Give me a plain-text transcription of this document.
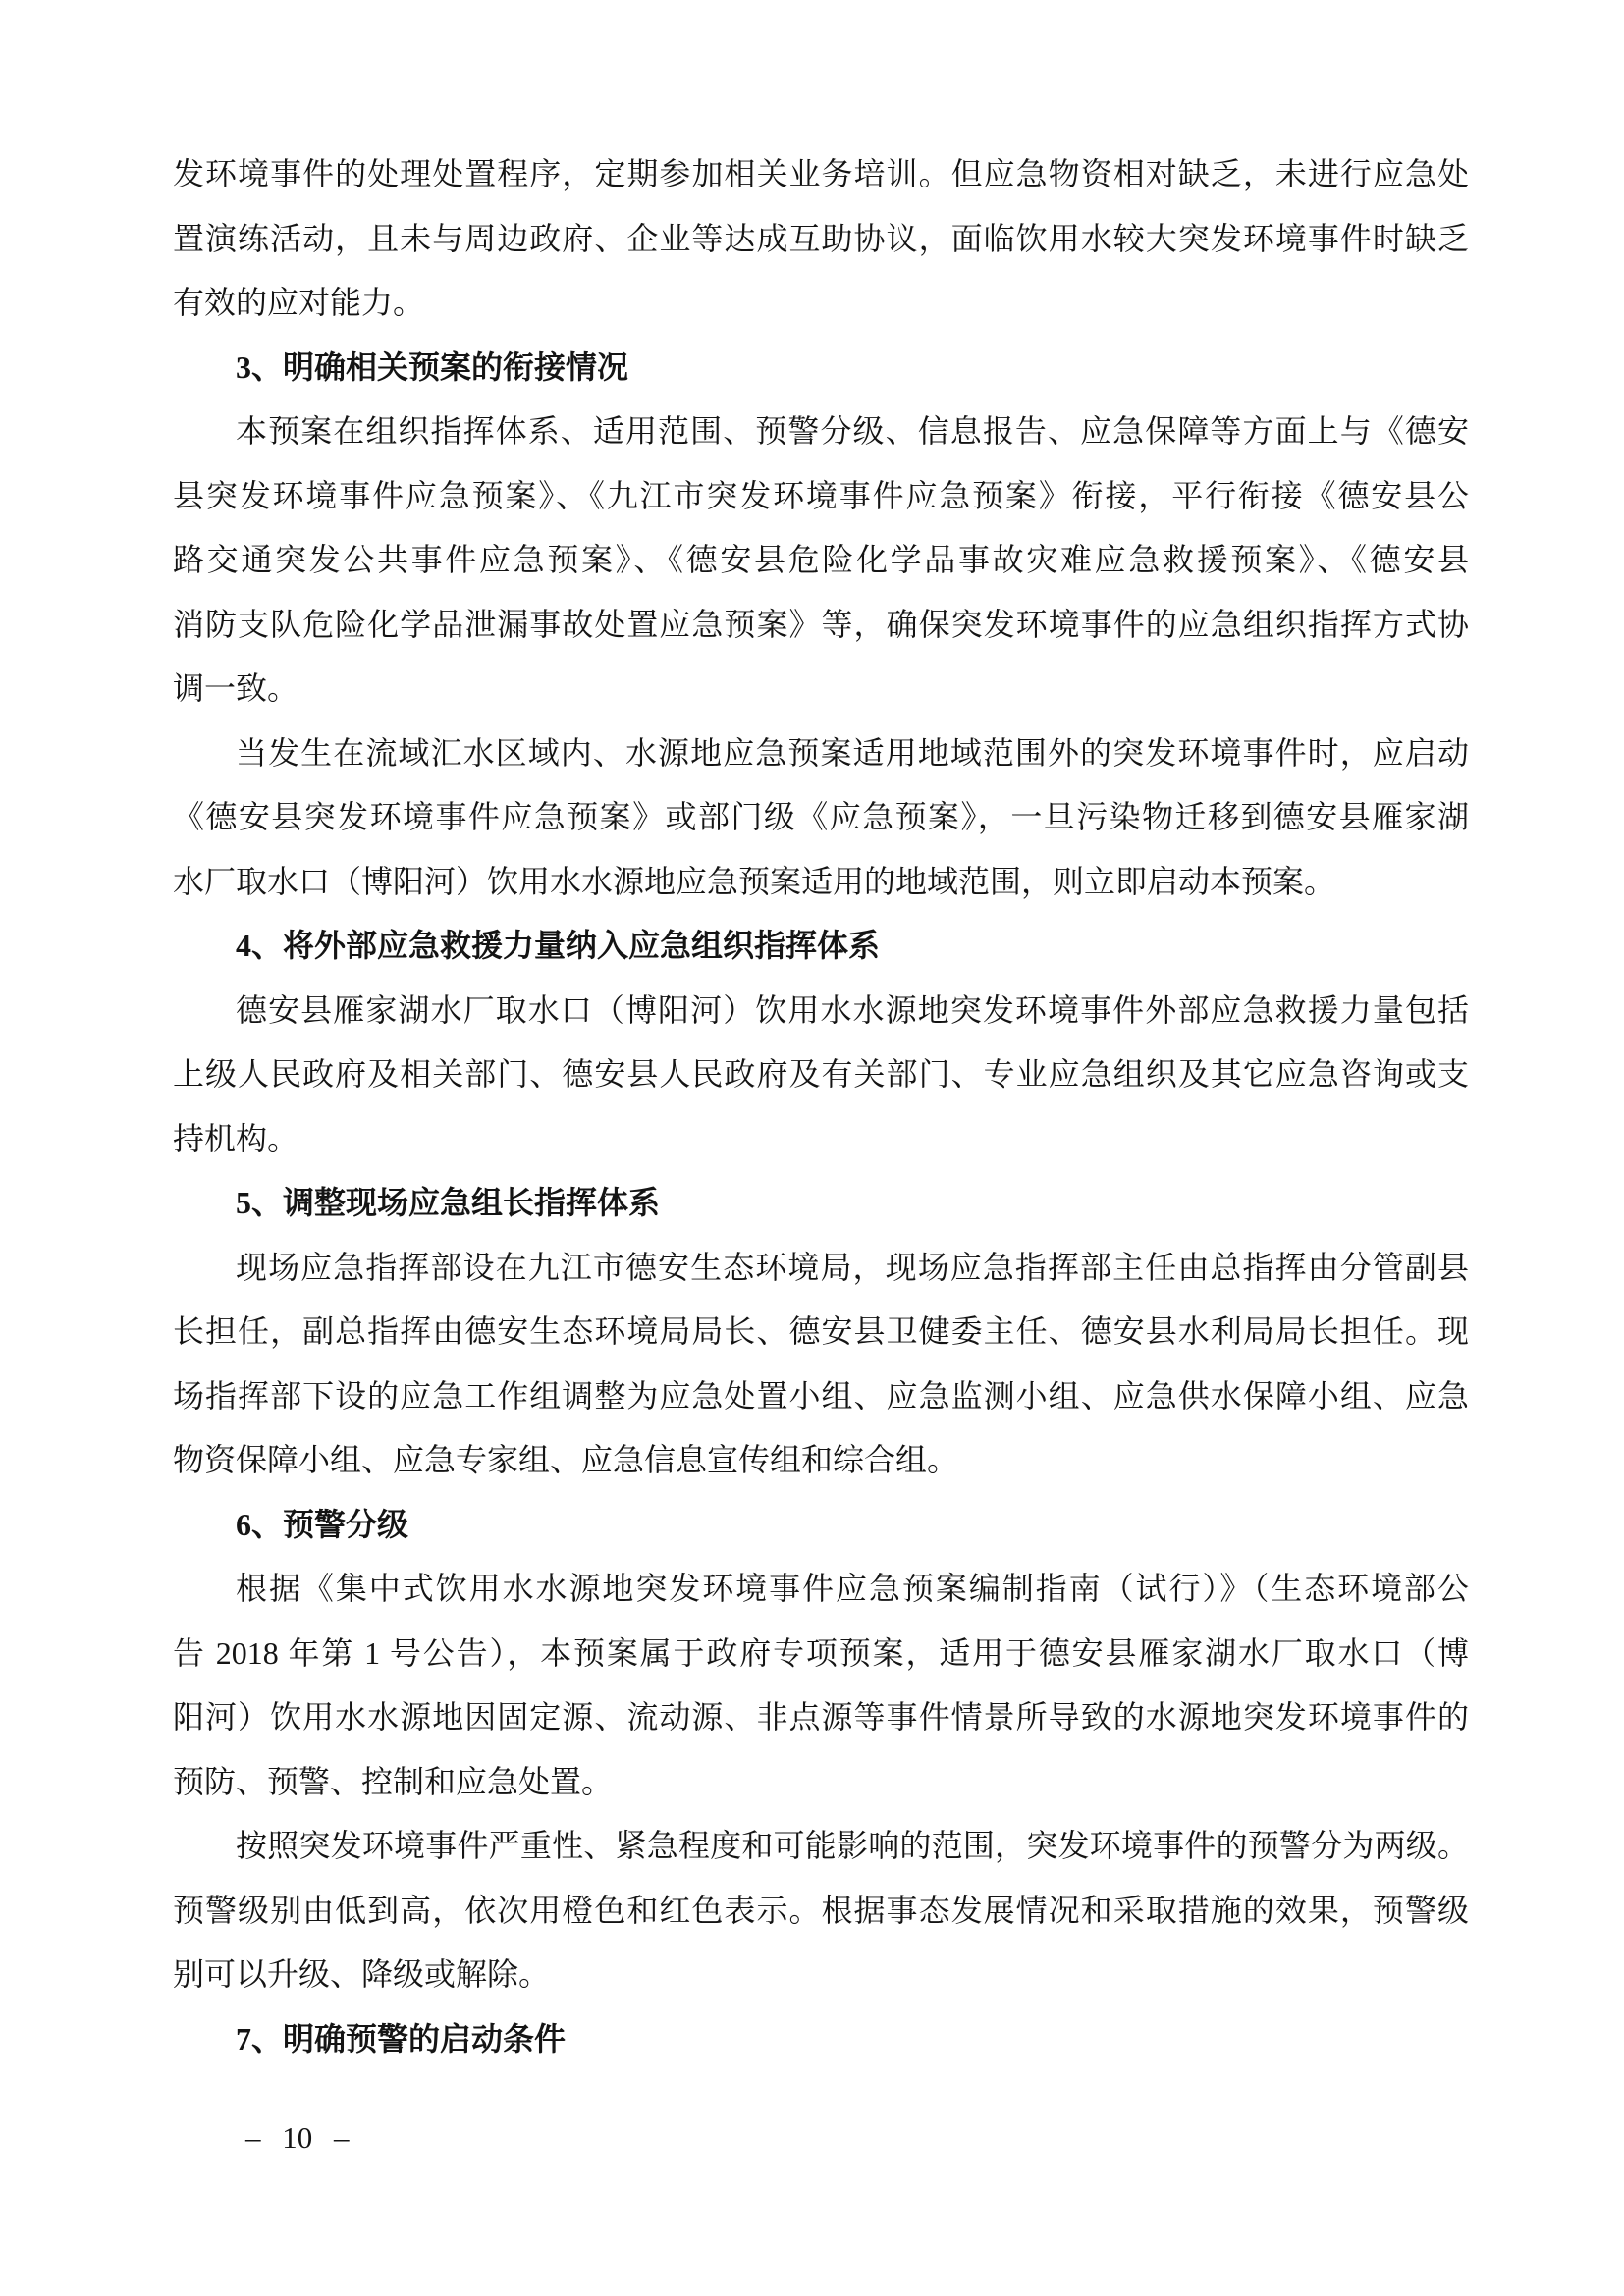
发环境事件的处理处置程序，定期参加相关业务培训。但应急物资相对缺乏，未进行应急处
置演练活动，且未与周边政府、企业等达成互助协议，面临饮用水较大突发环境事件时缺乏
有效的应对能力。
3、明确相关预案的衔接情况
本预案在组织指挥体系、适用范围、预警分级、信息报告、应急保障等方面上与《德安
县突发环境事件应急预案》、《九江市突发环境事件应急预案》衔接，平行衔接《德安县公
路交通突发公共事件应急预案》、《德安县危险化学品事故灾难应急救援预案》、《德安县
消防支队危险化学品泄漏事故处置应急预案》等，确保突发环境事件的应急组织指挥方式协
调一致。
当发生在流域汇水区域内、水源地应急预案适用地域范围外的突发环境事件时，应启动
《德安县突发环境事件应急预案》或部门级《应急预案》，一旦污染物迁移到德安县雁家湖
水厂取水口（博阳河）饮用水水源地应急预案适用的地域范围，则立即启动本预案。
4、将外部应急救援力量纳入应急组织指挥体系
德安县雁家湖水厂取水口（博阳河）饮用水水源地突发环境事件外部应急救援力量包括
上级人民政府及相关部门、德安县人民政府及有关部门、专业应急组织及其它应急咨询或支
持机构。
5、调整现场应急组长指挥体系
现场应急指挥部设在九江市德安生态环境局，现场应急指挥部主任由总指挥由分管副县
长担任，副总指挥由德安生态环境局局长、德安县卫健委主任、德安县水利局局长担任。现
场指挥部下设的应急工作组调整为应急处置小组、应急监测小组、应急供水保障小组、应急
物资保障小组、应急专家组、应急信息宣传组和综合组。
6、预警分级
根据《集中式饮用水水源地突发环境事件应急预案编制指南（试行）》（生态环境部公
告 2018 年第 1 号公告），本预案属于政府专项预案，适用于德安县雁家湖水厂取水口（博
阳河）饮用水水源地因固定源、流动源、非点源等事件情景所导致的水源地突发环境事件的
预防、预警、控制和应急处置。
按照突发环境事件严重性、紧急程度和可能影响的范围，突发环境事件的预警分为两级。
预警级别由低到高，依次用橙色和红色表示。根据事态发展情况和采取措施的效果，预警级
别可以升级、降级或解除。
7、明确预警的启动条件
– 10 –
